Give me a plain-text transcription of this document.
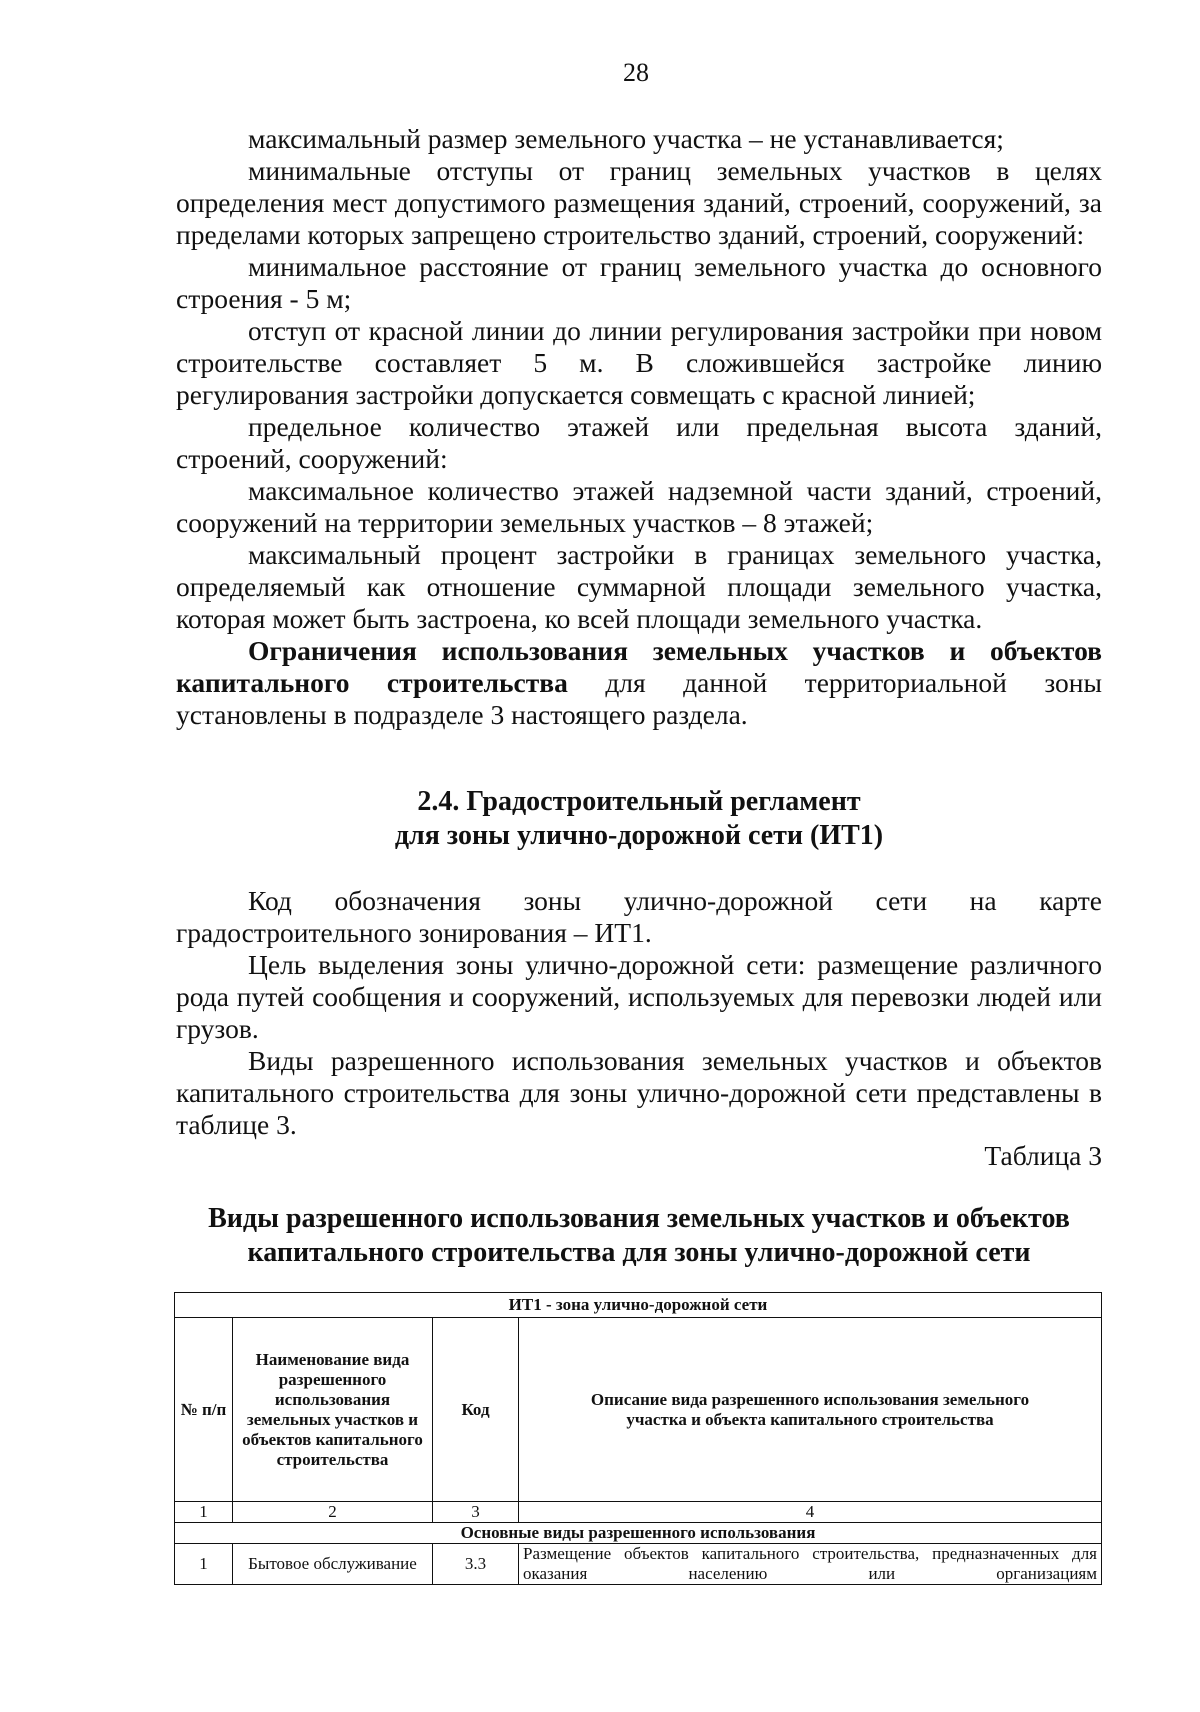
28

максимальный размер земельного участка – не устанавливается;

минимальные отступы от границ земельных участков в целях определения мест допустимого размещения зданий, строений, сооружений, за пределами которых запрещено строительство зданий, строений, сооружений:

минимальное расстояние от границ земельного участка до основного строения - 5 м;

отступ от красной линии до линии регулирования застройки при новом строительстве составляет 5 м. В сложившейся застройке линию регулирования застройки допускается совмещать с красной линией;

предельное количество этажей или предельная высота зданий, строений, сооружений:

максимальное количество этажей надземной части зданий, строений, сооружений на территории земельных участков – 8 этажей;

максимальный процент застройки в границах земельного участка, определяемый как отношение суммарной площади земельного участка, которая может быть застроена, ко всей площади земельного участка.

Ограничения использования земельных участков и объектов капитального строительства для данной территориальной зоны установлены в подразделе 3 настоящего раздела.

2.4. Градостроительный регламент
для зоны улично-дорожной сети (ИТ1)

Код обозначения зоны улично-дорожной сети на карте градостроительного зонирования – ИТ1.

Цель выделения зоны улично-дорожной сети: размещение различного рода путей сообщения и сооружений, используемых для перевозки людей или грузов.

Виды разрешенного использования земельных участков и объектов капитального строительства для зоны улично-дорожной сети представлены в таблице 3.

Таблица 3
Виды разрешенного использования земельных участков и объектов
капитального строительства для зоны улично-дорожной сети
ИТ1 - зона улично-дорожной сети			
№ п/п	Наименование вида разрешенного использования земельных участков и объектов капитального строительства	Код	Описание вида разрешенного использования земельного участка и объекта капитального строительства
1	2	3	4
Основные виды разрешенного использования			
1	Бытовое обслуживание	3.3	Размещение объектов капитального строительства, предназначенных для оказания населению или организациям
